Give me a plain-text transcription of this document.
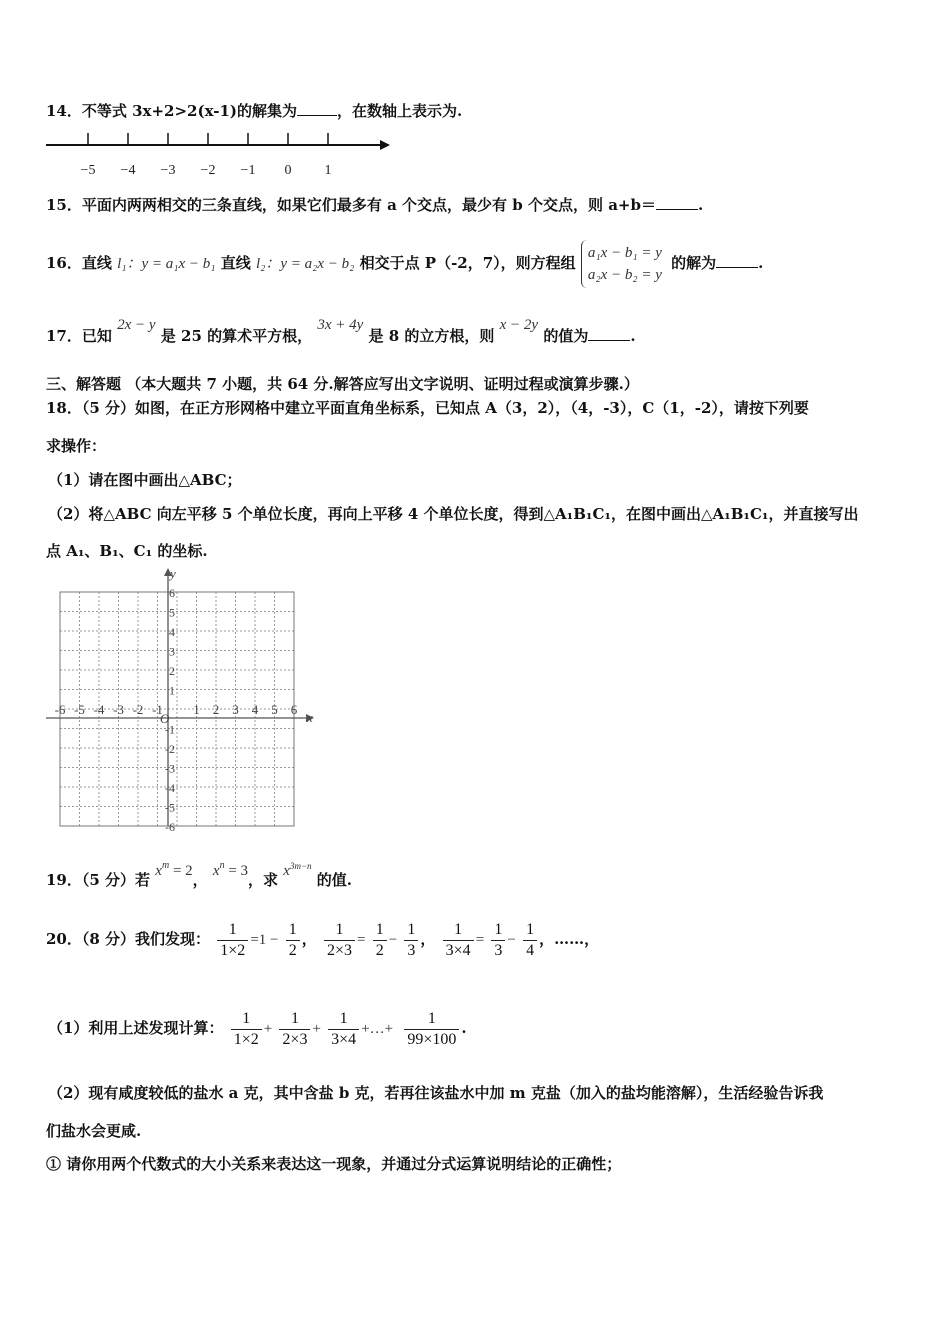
14．不等式 3x+2>2(x-1)的解集为	，在数轴上表示为.
−5 −4 −3 −2 −1 0 1
15．平面内两两相交的三条直线，如果它们最多有 a 个交点，最少有 b 个交点，则 a+b＝	.
16．直线 l₁：y = a₁x − b₁ 直线 l₂：y = a₂x − b₂ 相交于点 P（-2，7），则方程组
a₁x − b₁ = y
a₂x − b₂ = y
的解为	.
17．已知 2x − y 是 25 的算术平方根， 3x + 4y 是 8 的立方根，则 x − 2y 的值为	.
三、解答题 （本大题共 7 小题，共 64 分.解答应写出文字说明、证明过程或演算步骤.）
18．（5 分）如图，在正方形网格中建立平面直角坐标系，已知点 A（3，2），（4，-3），C（1，-2），请按下列要
求操作：
（1）请在图中画出△ABC；
（2）将△ABC 向左平移 5 个单位长度，再向上平移 4 个单位长度，得到△A₁B₁C₁，在图中画出△A₁B₁C₁，并直接写出
点 A₁、B₁、C₁ 的坐标.
x
y
O
-6 -5 -4 -3 -2 -1 1 2 3 4 5 6
6
5
4
3
2
1
-1
-2
-3
-4
-5
-6
19．（5 分）若 xm = 2， xn = 3，求 x3m−n 的值.
20．（8 分）我们发现： $\frac{1}{1\times 2} =1 - \frac{1}{2}$ ， $\frac{1}{2\times 3} = \frac{1}{2} - \frac{1}{3}$ ， $\frac{1}{3\times 4} = \frac{1}{3} - \frac{1}{4}$ ，……，
（1）利用上述发现计算： $\frac{1}{1\times 2} + \frac{1}{2\times 3} + \frac{1}{3\times 4}$ +…+ $\frac{1}{99\times 100}$ .
（2）现有咸度较低的盐水 a 克，其中含盐 b 克，若再往该盐水中加 m 克盐（加入的盐均能溶解），生活经验告诉我
们盐水会更咸.
① 请你用两个代数式的大小关系来表达这一现象，并通过分式运算说明结论的正确性；
